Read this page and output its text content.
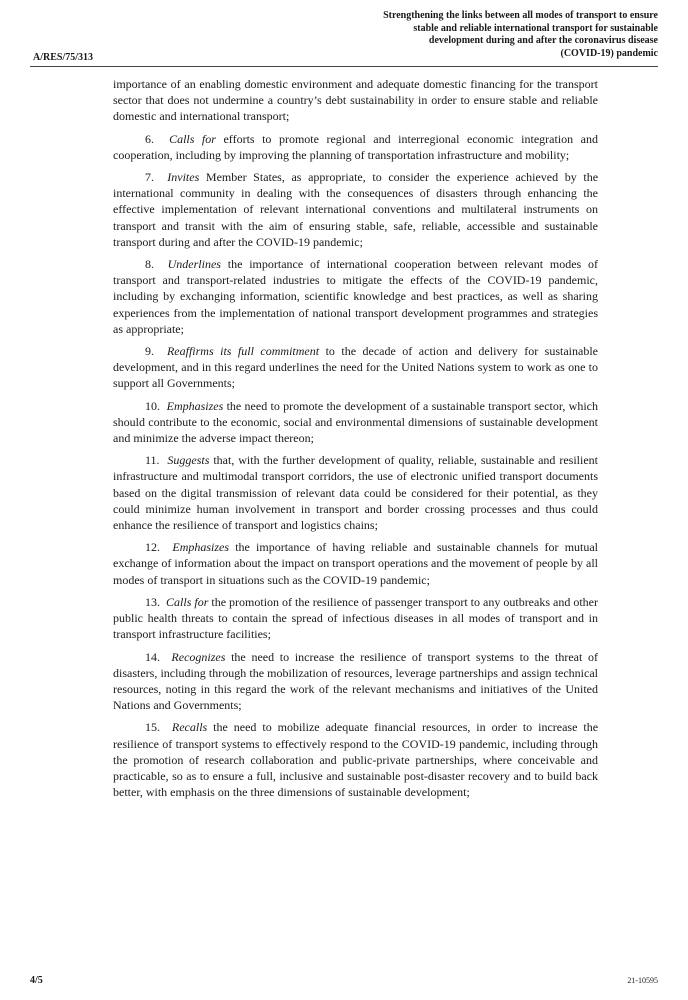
A/RES/75/313
Strengthening the links between all modes of transport to ensure
stable and reliable international transport for sustainable
development during and after the coronavirus disease
(COVID-19) pandemic

importance of an enabling domestic environment and adequate domestic financing for the transport sector that does not undermine a country’s debt sustainability in order to ensure stable and reliable domestic and international transport;

6. Calls for efforts to promote regional and interregional economic integration and cooperation, including by improving the planning of transportation infrastructure and mobility;

7. Invites Member States, as appropriate, to consider the experience achieved by the international community in dealing with the consequences of disasters through enhancing the effective implementation of relevant international conventions and multilateral instruments on transport and transit with the aim of ensuring stable, safe, reliable, accessible and sustainable transport during and after the COVID-19 pandemic;

8. Underlines the importance of international cooperation between relevant modes of transport and transport-related industries to mitigate the effects of the COVID-19 pandemic, including by exchanging information, scientific knowledge and best practices, as well as sharing experiences from the implementation of national transport development programmes and strategies as appropriate;

9. Reaffirms its full commitment to the decade of action and delivery for sustainable development, and in this regard underlines the need for the United Nations system to work as one to support all Governments;

10. Emphasizes the need to promote the development of a sustainable transport sector, which should contribute to the economic, social and environmental dimensions of sustainable development and minimize the adverse impact thereon;

11. Suggests that, with the further development of quality, reliable, sustainable and resilient infrastructure and multimodal transport corridors, the use of electronic unified transport documents based on the digital transmission of relevant data could be considered for their potential, as they could minimize human involvement in transport and border crossing processes and thus could enhance the resilience of transport and logistics chains;

12. Emphasizes the importance of having reliable and sustainable channels for mutual exchange of information about the impact on transport operations and the movement of people by all modes of transport in situations such as the COVID-19 pandemic;

13. Calls for the promotion of the resilience of passenger transport to any outbreaks and other public health threats to contain the spread of infectious diseases in all modes of transport and in transport infrastructure facilities;

14. Recognizes the need to increase the resilience of transport systems to the threat of disasters, including through the mobilization of resources, leverage partnerships and assign technical resources, noting in this regard the work of the relevant mechanisms and initiatives of the United Nations and Governments;

15. Recalls the need to mobilize adequate financial resources, in order to increase the resilience of transport systems to effectively respond to the COVID-19 pandemic, including through the promotion of research collaboration and public-private partnerships, where conceivable and practicable, so as to ensure a full, inclusive and sustainable post-disaster recovery and to build back better, with emphasis on the three dimensions of sustainable development;

4/5	21-10595
